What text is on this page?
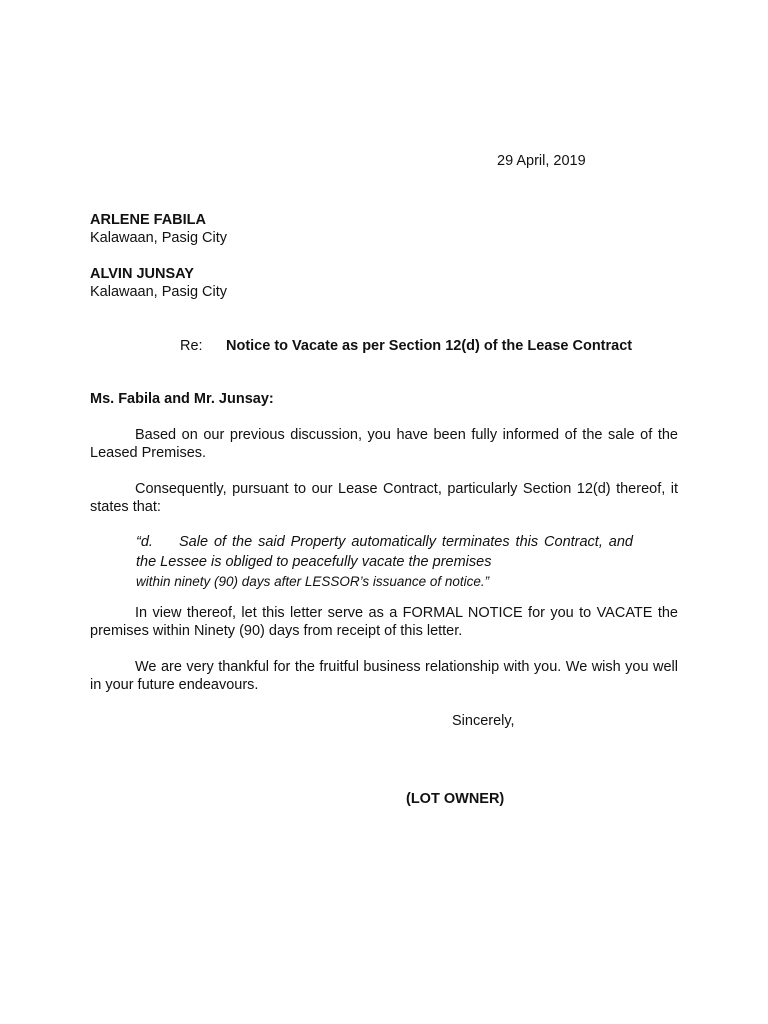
29 April, 2019
ARLENE FABILA
Kalawaan, Pasig City
ALVIN JUNSAY
Kalawaan, Pasig City
Re: Notice to Vacate as per Section 12(d) of the Lease Contract
Ms. Fabila and Mr. Junsay:

Based on our previous discussion, you have been fully informed of the sale of the Leased Premises.

Consequently, pursuant to our Lease Contract, particularly Section 12(d) thereof, it states that:

“d. Sale of the said Property automatically terminates this Contract, and the Lessee is obliged to peacefully vacate the premises
within ninety (90) days after LESSOR’s issuance of notice.”

In view thereof, let this letter serve as a FORMAL NOTICE for you to VACATE the premises within Ninety (90) days from receipt of this letter.

We are very thankful for the fruitful business relationship with you. We wish you well in your future endeavours.

Sincerely,
(LOT OWNER)
